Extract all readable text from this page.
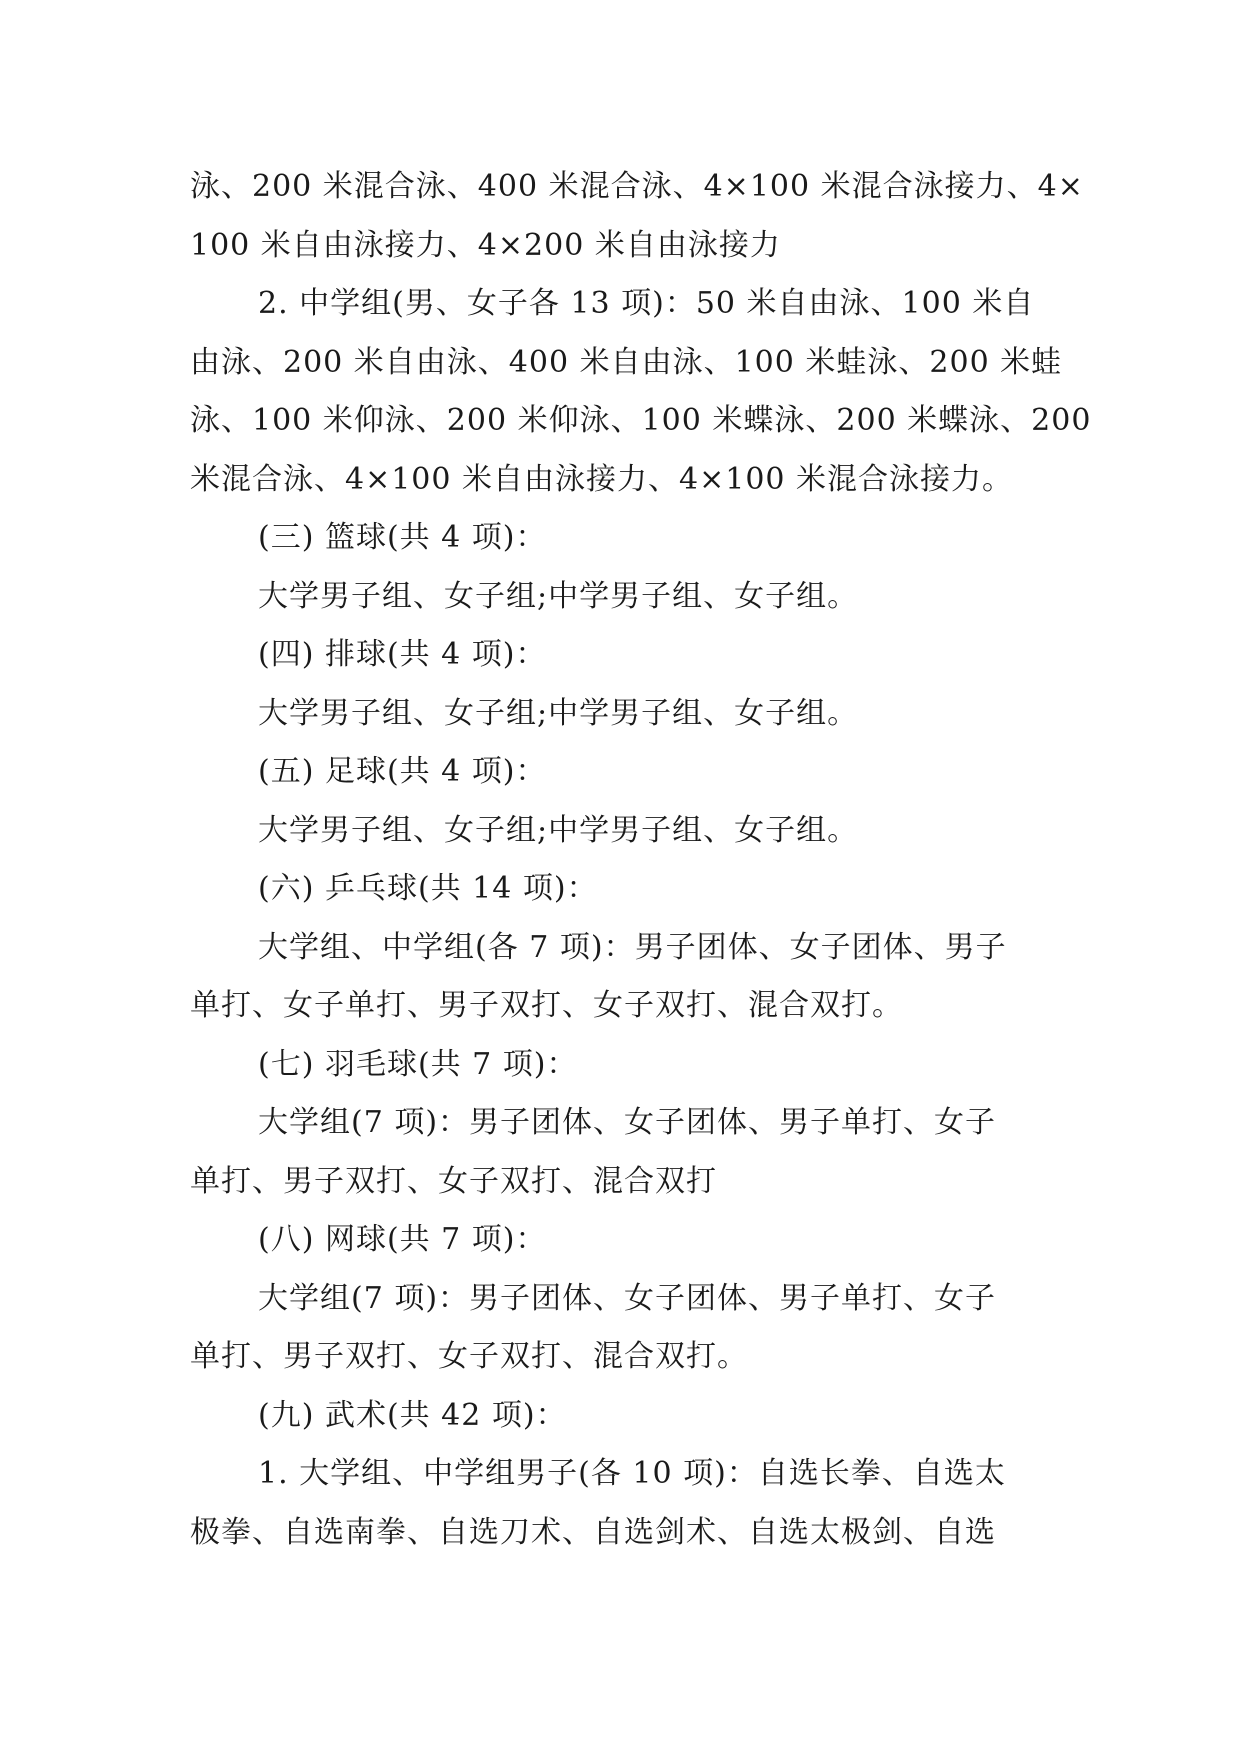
泳、200 米混合泳、400 米混合泳、4×100 米混合泳接力、4×
100 米自由泳接力、4×200 米自由泳接力
2. 中学组(男、女子各 13 项)：50 米自由泳、100 米自
由泳、200 米自由泳、400 米自由泳、100 米蛙泳、200 米蛙
泳、100 米仰泳、200 米仰泳、100 米蝶泳、200 米蝶泳、200
米混合泳、4×100 米自由泳接力、4×100 米混合泳接力。
(三) 篮球(共 4 项)：
大学男子组、女子组;中学男子组、女子组。
(四) 排球(共 4 项)：
大学男子组、女子组;中学男子组、女子组。
(五) 足球(共 4 项)：
大学男子组、女子组;中学男子组、女子组。
(六) 乒乓球(共 14 项)：
大学组、中学组(各 7 项)：男子团体、女子团体、男子
单打、女子单打、男子双打、女子双打、混合双打。
(七) 羽毛球(共 7 项)：
大学组(7 项)：男子团体、女子团体、男子单打、女子
单打、男子双打、女子双打、混合双打
(八) 网球(共 7 项)：
大学组(7 项)：男子团体、女子团体、男子单打、女子
单打、男子双打、女子双打、混合双打。
(九) 武术(共 42 项)：
1. 大学组、中学组男子(各 10 项)：自选长拳、自选太
极拳、自选南拳、自选刀术、自选剑术、自选太极剑、自选
